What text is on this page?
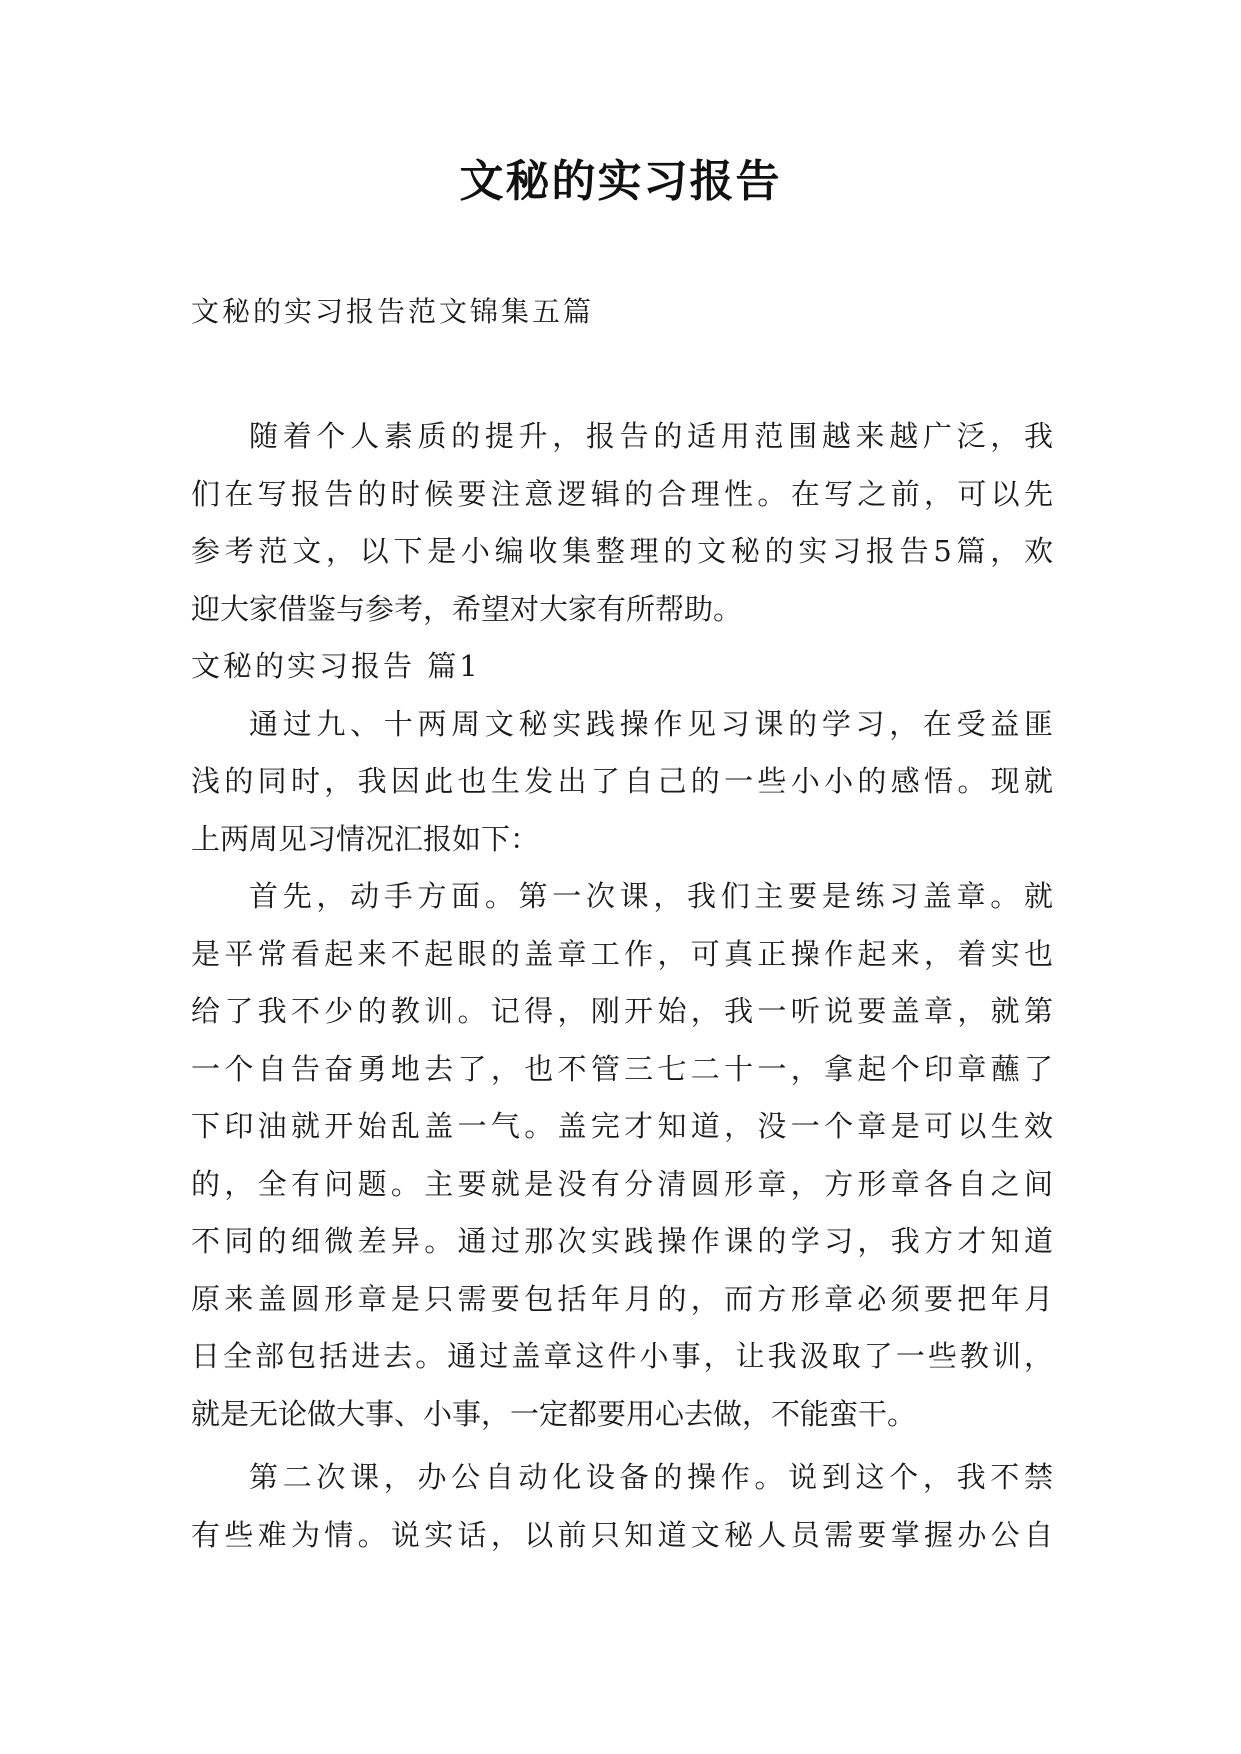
文秘的实习报告
文秘的实习报告范文锦集五篇
随着个人素质的提升，报告的适用范围越来越广泛，我
们在写报告的时候要注意逻辑的合理性。在写之前，可以先
参考范文，以下是小编收集整理的文秘的实习报告5篇，欢
迎大家借鉴与参考，希望对大家有所帮助。
文秘的实习报告 篇1
通过九、十两周文秘实践操作见习课的学习，在受益匪
浅的同时，我因此也生发出了自己的一些小小的感悟。现就
上两周见习情况汇报如下：
首先，动手方面。第一次课，我们主要是练习盖章。就
是平常看起来不起眼的盖章工作，可真正操作起来，着实也
给了我不少的教训。记得，刚开始，我一听说要盖章，就第
一个自告奋勇地去了，也不管三七二十一，拿起个印章蘸了
下印油就开始乱盖一气。盖完才知道，没一个章是可以生效
的，全有问题。主要就是没有分清圆形章，方形章各自之间
不同的细微差异。通过那次实践操作课的学习，我方才知道
原来盖圆形章是只需要包括年月的，而方形章必须要把年月
日全部包括进去。通过盖章这件小事，让我汲取了一些教训，
就是无论做大事、小事，一定都要用心去做，不能蛮干。
第二次课，办公自动化设备的操作。说到这个，我不禁
有些难为情。说实话，以前只知道文秘人员需要掌握办公自
